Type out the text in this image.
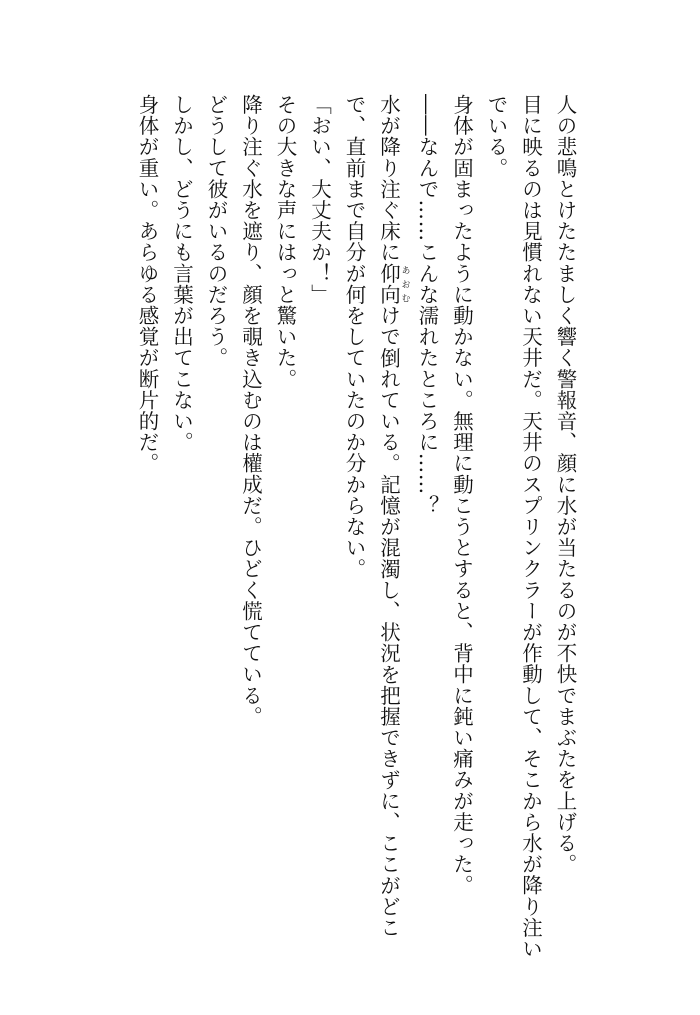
人の悲鳴とけたたましく響く警報音、顔に水が当たるのが不快でまぶたを上げる。
目に映るのは見慣れない天井だ。天井のスプリンクラーが作動して、そこから水が降り注い
でいる。
身体が固まったように動かない。無理に動こうとすると、背中に鈍い痛みが走った。
――なんで……こんな濡れたところに……？
水が降り注ぐ床に仰向 あおむけで倒れている。記憶が混濁し、状況を把握できずに、ここがどこ
で、直前まで自分が何をしていたのか分からない。
「おい、大丈夫か！」
その大きな声にはっと驚いた。
降り注ぐ水を遮り、顔を覗き込むのは權成だ。ひどく慌てている。
どうして彼がいるのだろう。
しかし、どうにも言葉が出てこない。
身体が重い。あらゆる感覚が断片的だ。
